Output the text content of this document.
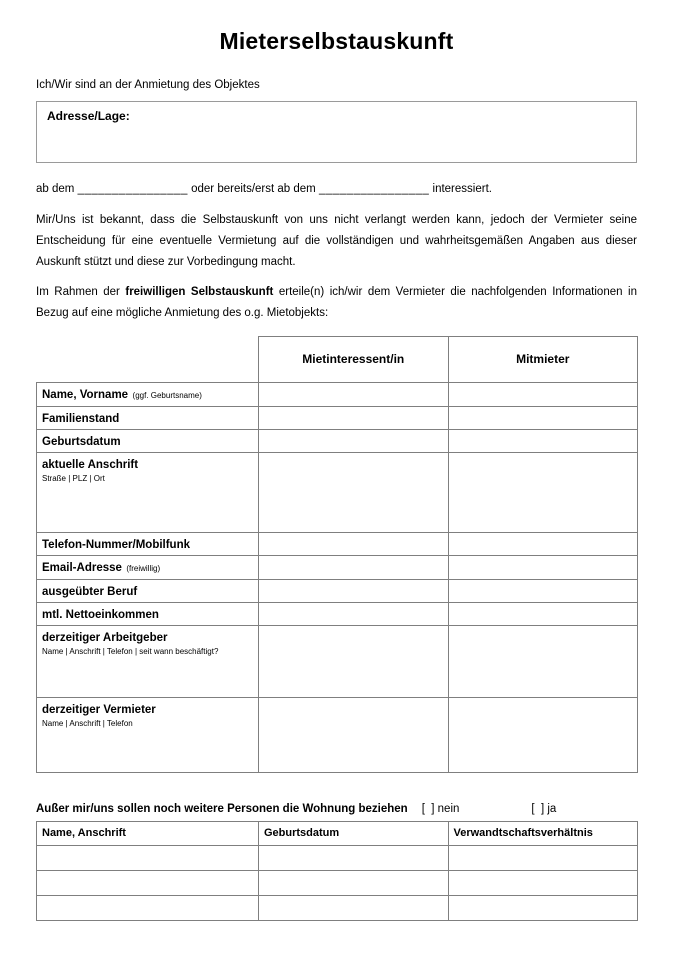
Mieterselbstauskunft

Ich/Wir sind an der Anmietung des Objektes

Adresse/Lage:

ab dem ________________ oder bereits/erst ab dem ________________ interessiert.

Mir/Uns ist bekannt, dass die Selbstauskunft von uns nicht verlangt werden kann, jedoch der Vermieter seine Entscheidung für eine eventuelle Vermietung auf die vollständigen und wahrheitsgemäßen Angaben aus dieser Auskunft stützt und diese zur Vorbedingung macht.

Im Rahmen der freiwilligen Selbstauskunft erteile(n) ich/wir dem Vermieter die nachfolgenden Informationen in Bezug auf eine mögliche Anmietung des o.g. Mietobjekts:

	Mietinteressent/in	Mitmieter
Name, Vorname (ggf. Geburtsname)		
Familienstand		
Geburtsdatum		
aktuelle Anschrift
Straße | PLZ | Ort		

Telefon-Nummer/Mobilfunk		
Email-Adresse (freiwillig)		
ausgeübter Beruf		
mtl. Nettoeinkommen		
derzeitiger Arbeitgeber
Name | Anschrift | Telefon | seit wann beschäftigt?		

derzeitiger Vermieter
Name | Anschrift | Telefon		

Außer mir/uns sollen noch weitere Personen die Wohnung beziehen [  ] nein	[  ] ja
Name, Anschrift	Geburtsdatum	Verwandtschaftsverhältnis
